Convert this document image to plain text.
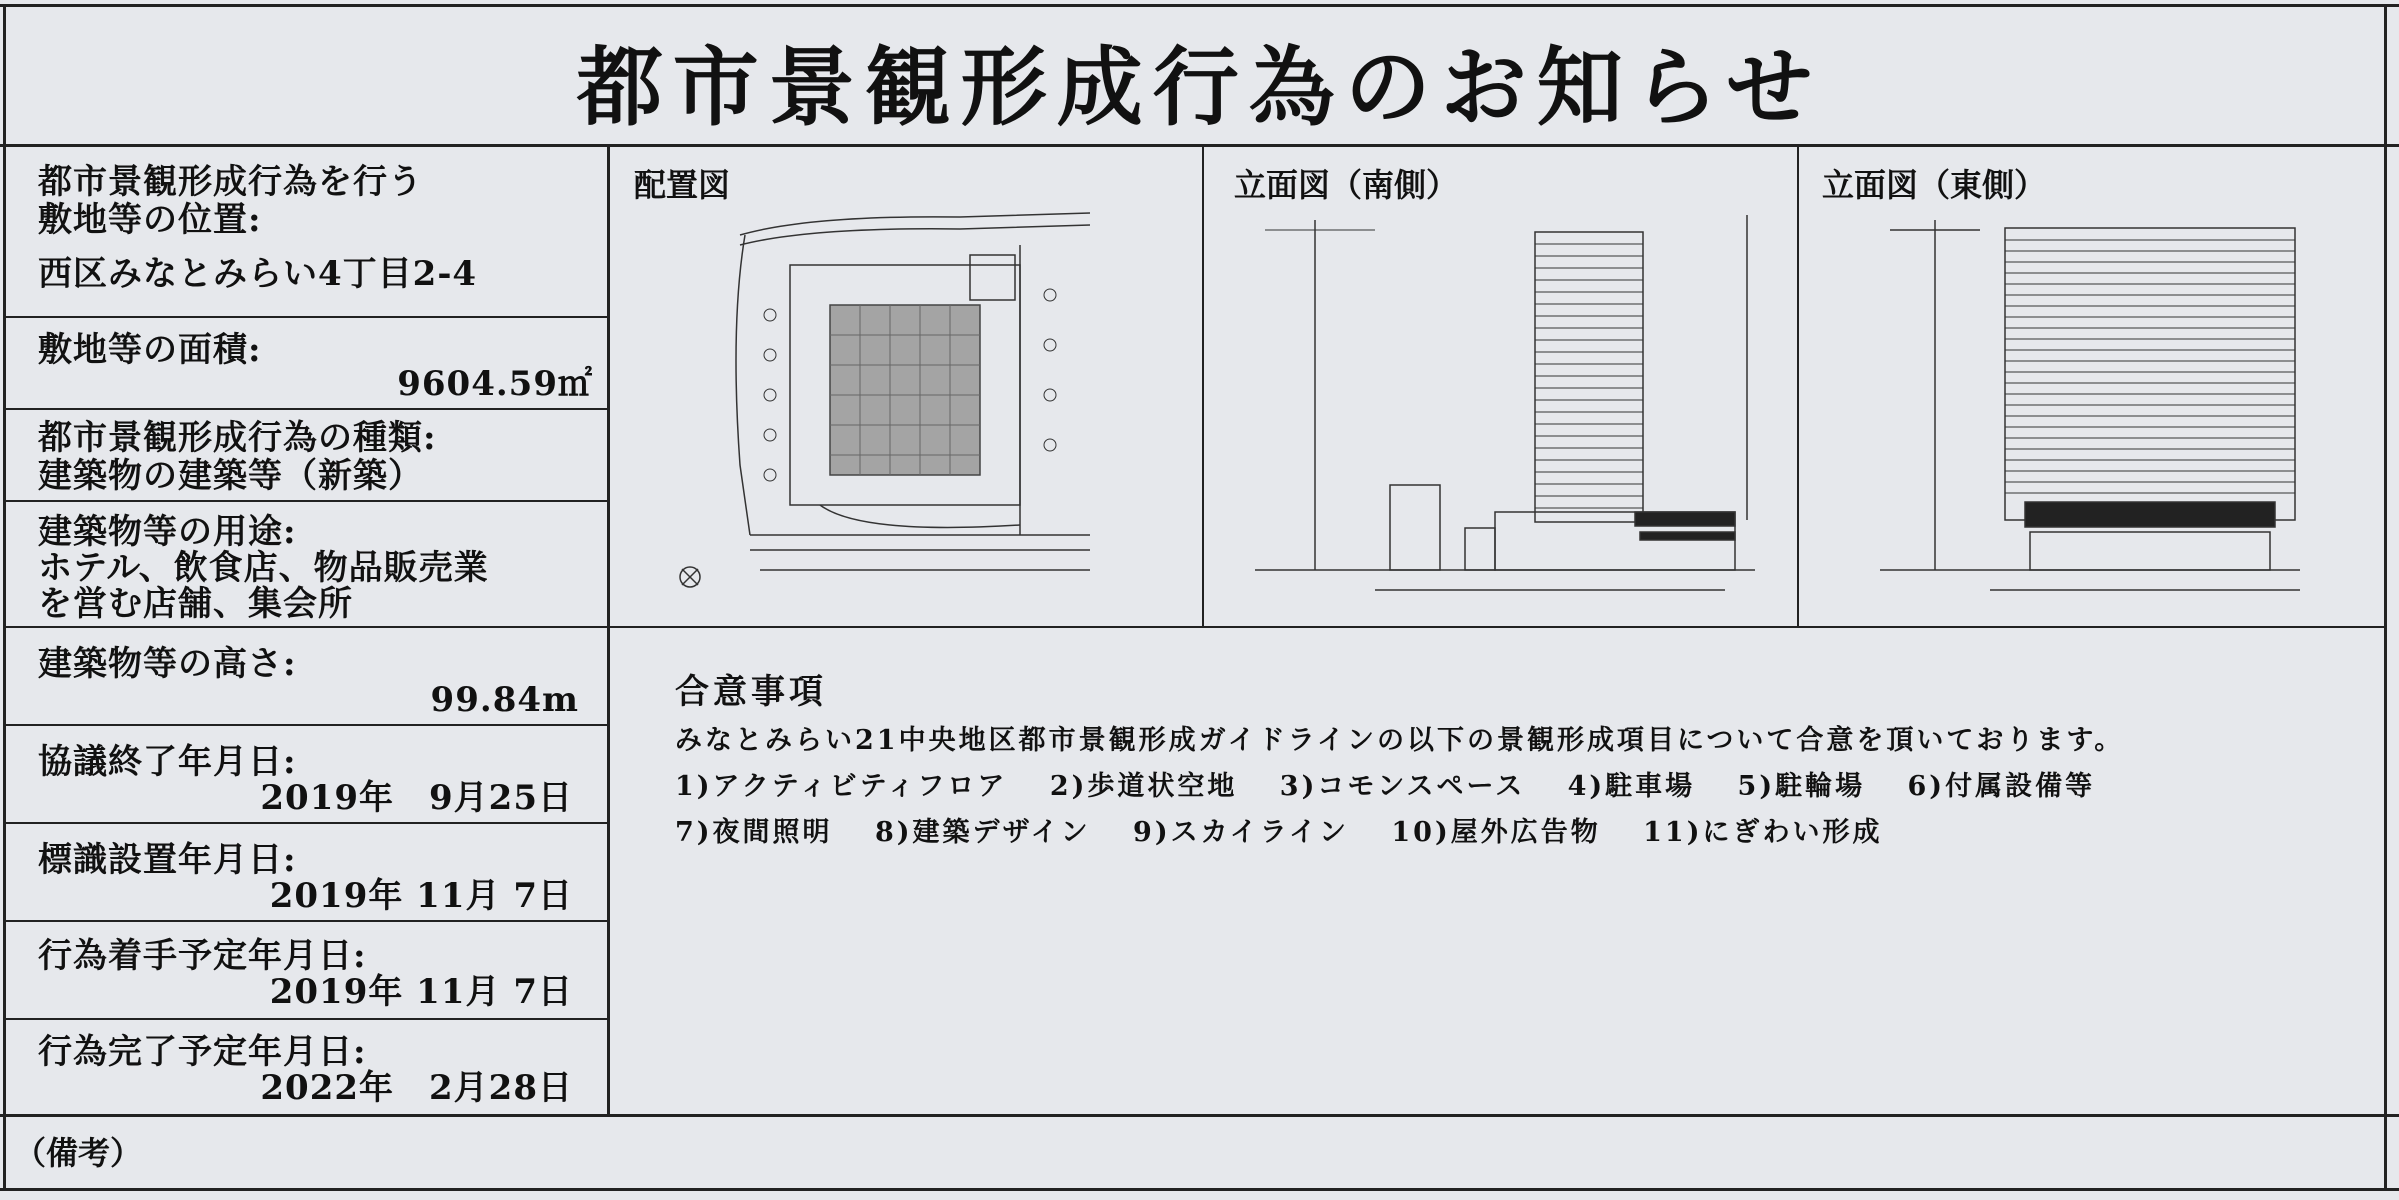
都市景観形成行為のお知らせ
都市景観形成行為を行う
敷地等の位置:
西区みなとみらい4丁目2-4
敷地等の面積:
9604.59㎡
都市景観形成行為の種類:
建築物の建築等（新築）
建築物等の用途:
ホテル、飲食店、物品販売業
を営む店舗、集会所
建築物等の高さ:
99.84m
協議終了年月日:
2019年　9月25日
標識設置年月日:
2019年 11月 7日
行為着手予定年月日:
2019年 11月 7日
行為完了予定年月日:
2022年　2月28日
配置図	立面図（南側）	立面図（東側）
合意事項
みなとみらい21中央地区都市景観形成ガイドラインの以下の景観形成項目について合意を頂いております。
1)アクティビティフロア　 2)歩道状空地　 3)コモンスペース　 4)駐車場　 5)駐輪場　 6)付属設備等
7)夜間照明　 8)建築デザイン　 9)スカイライン　 10)屋外広告物　 11)にぎわい形成
（備考）
